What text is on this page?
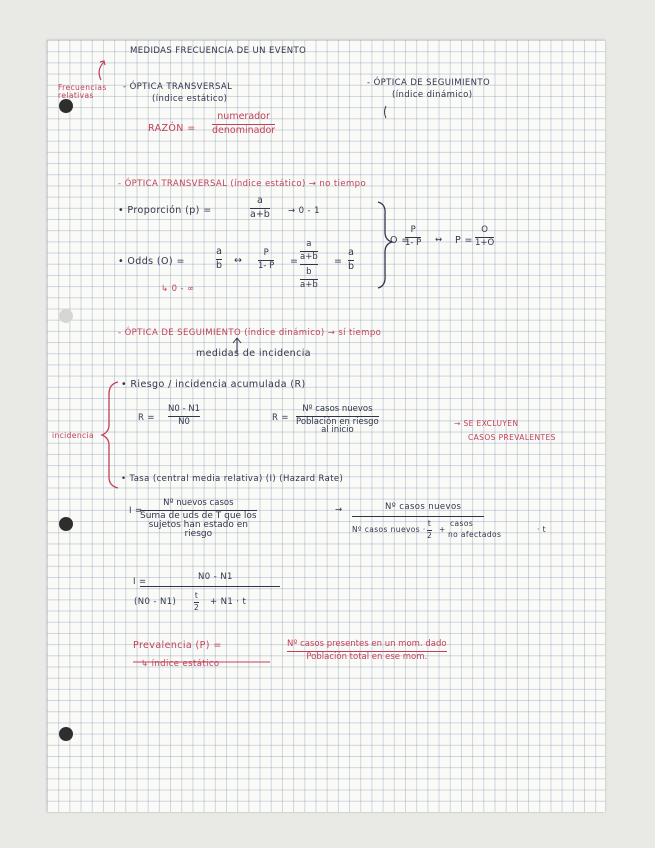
MEDIDAS FRECUENCIA DE UN EVENTO
Frecuencias relativas
- ÓPTICA TRANSVERSAL
(índice estático)
- ÓPTICA DE SEGUIMIENTO
(índice dinámico)
RAZÓN =
numerador
denominador
- ÓPTICA TRANSVERSAL (índice estático) → no tiempo
• Proporción (p) =
a
a+b → 0 - 1
• Odds (O) =
a
b ↔
P
1- P =
a
a+b
b
a+b
=
a
b
↳ 0 - ∞
O =
P
1- P ↔ P =
O
1+O
- ÓPTICA DE SEGUIMIENTO (índice dinámico) → sí tiempo
medidas de incidencia
incidencia
• Riesgo / incidencia acumulada (R)
R =
N0 - N1
N0	R =
Nº casos nuevos
Población en riesgo
al inicio
→ SE EXCLUYEN
CASOS PREVALENTES
• Tasa (central media relativa) (I) (Hazard Rate)
I =
Nº nuevos casos
Suma de uds de T que los
sujetos han estado en
riesgo
→	Nº casos nuevos
Nº casos nuevos ·
t
2
+
casos
no afectados
· t
I =	N0 - N1
(N0 - N1)
t
2 + N1 · t
Prevalencia (P) =	Nº casos presentes en un mom. dado
Población total en ese mom.
↳ índice estático
